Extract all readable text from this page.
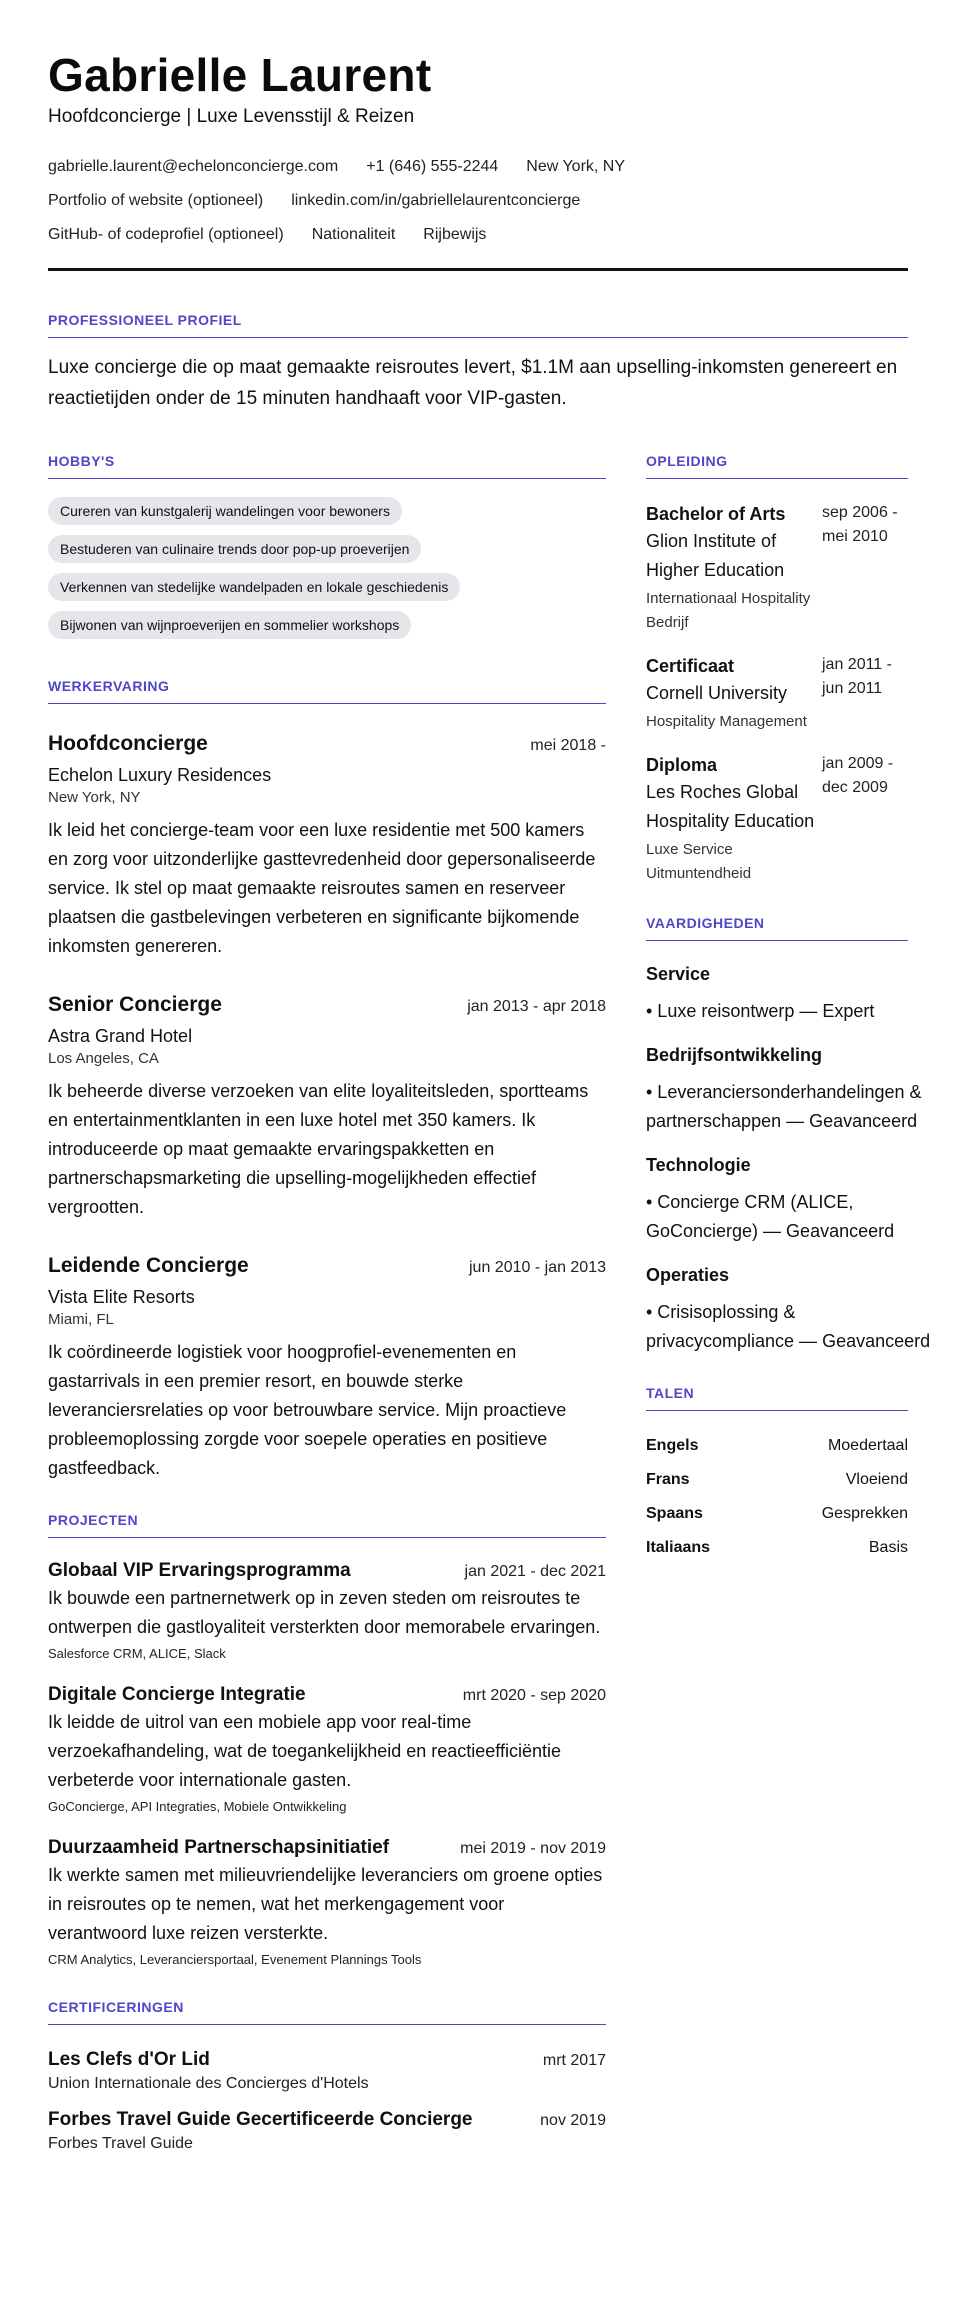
Gabrielle Laurent
Hoofdconcierge | Luxe Levensstijl & Reizen
gabrielle.laurent@echelonconcierge.com +1 (646) 555-2244 New York, NY
Portfolio of website (optioneel) linkedin.com/in/gabriellelaurentconcierge
GitHub- of codeprofiel (optioneel) Nationaliteit Rijbewijs
PROFESSIONEEL PROFIEL
Luxe concierge die op maat gemaakte reisroutes levert, $1.1M aan upselling-inkomsten genereert en reactietijden onder de 15 minuten handhaaft voor VIP-gasten.
HOBBY'S
Cureren van kunstgalerij wandelingen voor bewoners
Bestuderen van culinaire trends door pop-up proeverijen
Verkennen van stedelijke wandelpaden en lokale geschiedenis
Bijwonen van wijnproeverijen en sommelier workshops
WERKERVARING
Hoofdconcierge	mei 2018 -
Echelon Luxury Residences
New York, NY
Ik leid het concierge-team voor een luxe residentie met 500 kamers en zorg voor uitzonderlijke gasttevredenheid door gepersonaliseerde service. Ik stel op maat gemaakte reisroutes samen en reserveer plaatsen die gastbelevingen verbeteren en significante bijkomende inkomsten genereren.
Senior Concierge	jan 2013 - apr 2018
Astra Grand Hotel
Los Angeles, CA
Ik beheerde diverse verzoeken van elite loyaliteitsleden, sportteams en entertainmentklanten in een luxe hotel met 350 kamers. Ik introduceerde op maat gemaakte ervaringspakketten en partnerschapsmarketing die upselling-mogelijkheden effectief vergrootten.
Leidende Concierge	jun 2010 - jan 2013
Vista Elite Resorts
Miami, FL
Ik coördineerde logistiek voor hoogprofiel-evenementen en gastarrivals in een premier resort, en bouwde sterke leveranciersrelaties op voor betrouwbare service. Mijn proactieve probleemoplossing zorgde voor soepele operaties en positieve gastfeedback.
PROJECTEN
Globaal VIP Ervaringsprogramma	jan 2021 - dec 2021
Ik bouwde een partnernetwerk op in zeven steden om reisroutes te ontwerpen die gastloyaliteit versterkten door memorabele ervaringen.
Salesforce CRM, ALICE, Slack
Digitale Concierge Integratie	mrt 2020 - sep 2020
Ik leidde de uitrol van een mobiele app voor real-time verzoekafhandeling, wat de toegankelijkheid en reactieefficiëntie verbeterde voor internationale gasten.
GoConcierge, API Integraties, Mobiele Ontwikkeling
Duurzaamheid Partnerschapsinitiatief	mei 2019 - nov 2019
Ik werkte samen met milieuvriendelijke leveranciers om groene opties in reisroutes op te nemen, wat het merkengagement voor verantwoord luxe reizen versterkte.
CRM Analytics, Leveranciersportaal, Evenement Plannings Tools
CERTIFICERINGEN
Les Clefs d'Or Lid	mrt 2017
Union Internationale des Concierges d'Hotels
Forbes Travel Guide Gecertificeerde Concierge	nov 2019
Forbes Travel Guide
OPLEIDING
Bachelor of Arts
Glion Institute of Higher Education
Internationaal Hospitality Bedrijf
sep 2006 - mei 2010
Certificaat
Cornell University
Hospitality Management
jan 2011 - jun 2011
Diploma
Les Roches Global Hospitality Education
Luxe Service Uitmuntendheid
jan 2009 - dec 2009
VAARDIGHEDEN
Service
• Luxe reisontwerp — Expert
Bedrijfsontwikkeling
• Leveranciersonderhandelingen & partnerschappen — Geavanceerd
Technologie
• Concierge CRM (ALICE, GoConcierge) — Geavanceerd
Operaties
• Crisisoplossing & privacycompliance — Geavanceerd
TALEN
Engels	Moedertaal
Frans	Vloeiend
Spaans	Gesprekken
Italiaans	Basis
